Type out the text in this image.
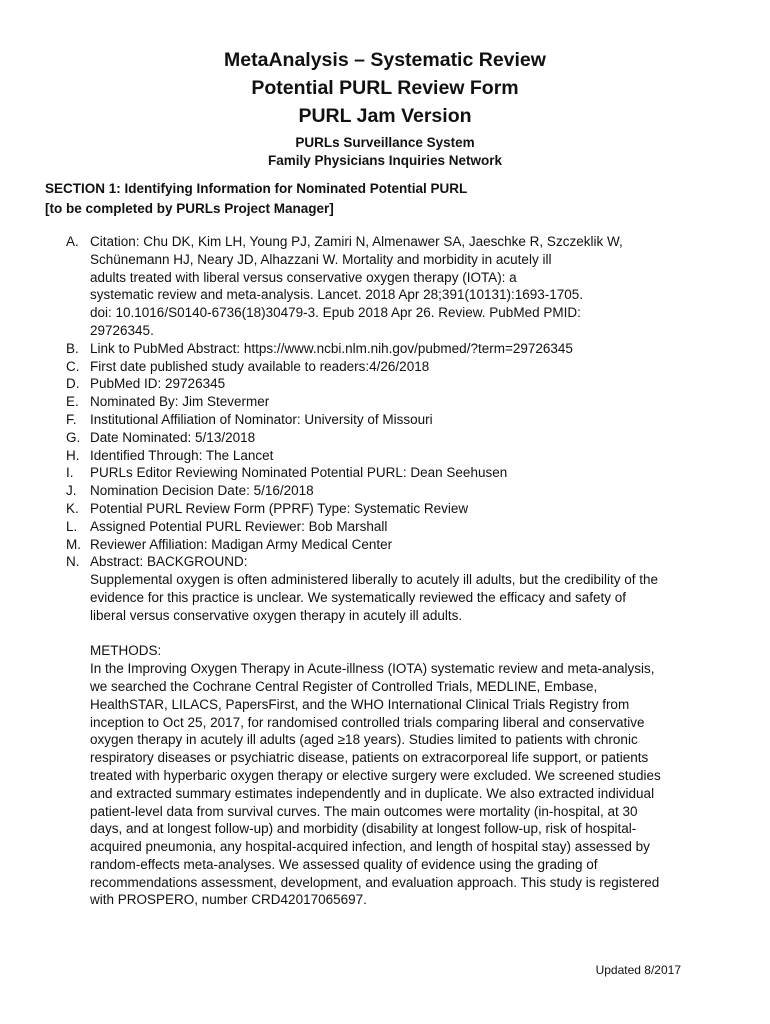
MetaAnalysis – Systematic Review

Potential PURL Review Form

PURL Jam Version

PURLs Surveillance System

Family Physicians Inquiries Network

SECTION 1: Identifying Information for Nominated Potential PURL

[to be completed by PURLs Project Manager]

A. Citation: Chu DK, Kim LH, Young PJ, Zamiri N, Almenawer SA, Jaeschke R, Szczeklik W,

Schünemann HJ, Neary JD, Alhazzani W. Mortality and morbidity in acutely ill

adults treated with liberal versus conservative oxygen therapy (IOTA): a

systematic review and meta-analysis. Lancet. 2018 Apr 28;391(10131):1693-1705.

doi: 10.1016/S0140-6736(18)30479-3. Epub 2018 Apr 26. Review. PubMed PMID:

29726345.

B. Link to PubMed Abstract: https://www.ncbi.nlm.nih.gov/pubmed/?term=29726345

C. First date published study available to readers:4/26/2018

D. PubMed ID: 29726345

E. Nominated By: Jim Stevermer

F. Institutional Affiliation of Nominator: University of Missouri

G. Date Nominated: 5/13/2018

H. Identified Through: The Lancet

I.	PURLs Editor Reviewing Nominated Potential PURL: Dean Seehusen

J. Nomination Decision Date: 5/16/2018

K. Potential PURL Review Form (PPRF) Type: Systematic Review

L. Assigned Potential PURL Reviewer: Bob Marshall

M. Reviewer Affiliation: Madigan Army Medical Center

N. Abstract: BACKGROUND:

Supplemental oxygen is often administered liberally to acutely ill adults, but the credibility of the

evidence for this practice is unclear. We systematically reviewed the efficacy and safety of

liberal versus conservative oxygen therapy in acutely ill adults.

METHODS:

In the Improving Oxygen Therapy in Acute-illness (IOTA) systematic review and meta-analysis,

we searched the Cochrane Central Register of Controlled Trials, MEDLINE, Embase,

HealthSTAR, LILACS, PapersFirst, and the WHO International Clinical Trials Registry from

inception to Oct 25, 2017, for randomised controlled trials comparing liberal and conservative

oxygen therapy in acutely ill adults (aged ≥18 years). Studies limited to patients with chronic

respiratory diseases or psychiatric disease, patients on extracorporeal life support, or patients

treated with hyperbaric oxygen therapy or elective surgery were excluded. We screened studies

and extracted summary estimates independently and in duplicate. We also extracted individual

patient-level data from survival curves. The main outcomes were mortality (in-hospital, at 30

days, and at longest follow-up) and morbidity (disability at longest follow-up, risk of hospital-

acquired pneumonia, any hospital-acquired infection, and length of hospital stay) assessed by

random-effects meta-analyses. We assessed quality of evidence using the grading of

recommendations assessment, development, and evaluation approach. This study is registered

with PROSPERO, number CRD42017065697.

Updated 8/2017
